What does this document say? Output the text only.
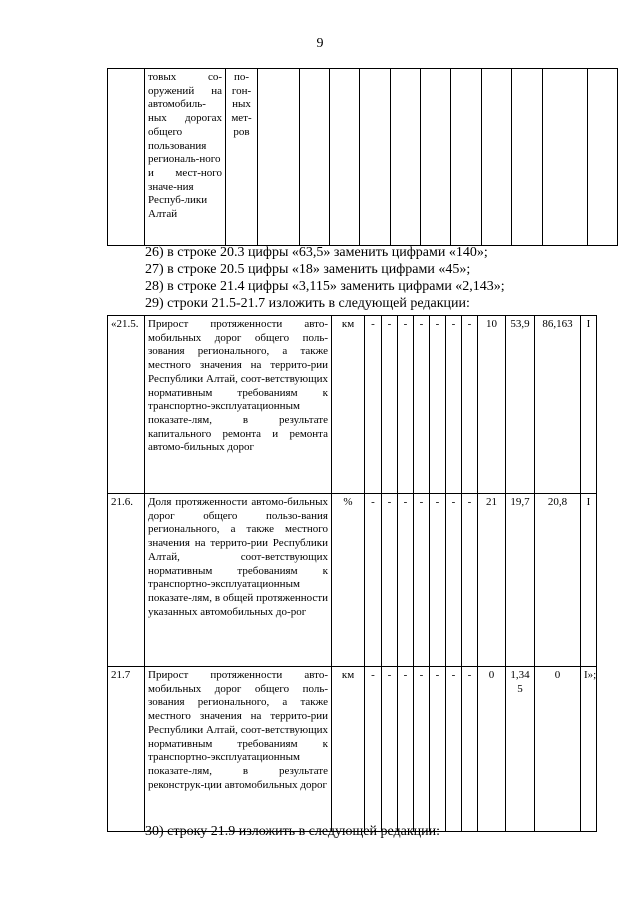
9
	товых со-оружений на автомобиль-ных дорогах общего пользования региональ-ного и мест-ного значе-ния Респуб-лики Алтай	по-гон-ных мет-ров											
26) в строке 20.3 цифры «63,5» заменить цифрами «140»;
27) в строке 20.5 цифры «18» заменить цифрами «45»;
28) в строке 21.4 цифры «3,115» заменить цифрами «2,143»;
29) строки 21.5-21.7 изложить в следующей редакции:
«21.5.	Прирост протяженности авто-мобильных дорог общего поль-зования регионального, а также местного значения на террито-рии Республики Алтай, соот-ветствующих нормативным требованиям к транспортно-эксплуатационным показате-лям, в результате капитального ремонта и ремонта автомо-бильных дорог	км	-	-	-	-	-	-	-	10	53,9	86,163	I
21.6.	Доля протяженности автомо-бильных дорог общего пользо-вания регионального, а также местного значения на террито-рии Республики Алтай, соот-ветствующих нормативным требованиям к транспортно-эксплуатационным показате-лям, в общей протяженности указанных автомобильных до-рог	%	-	-	-	-	-	-	-	21	19,7	20,8	I
21.7	Прирост протяженности авто-мобильных дорог общего поль-зования регионального, а также местного значения на террито-рии Республики Алтай, соот-ветствующих нормативным требованиям к транспортно-эксплуатационным показате-лям, в результате реконструк-ции автомобильных дорог	км	-	-	-	-	-	-	-	0	1,34 5	0	I»;
30) строку 21.9 изложить в следующей редакции:
